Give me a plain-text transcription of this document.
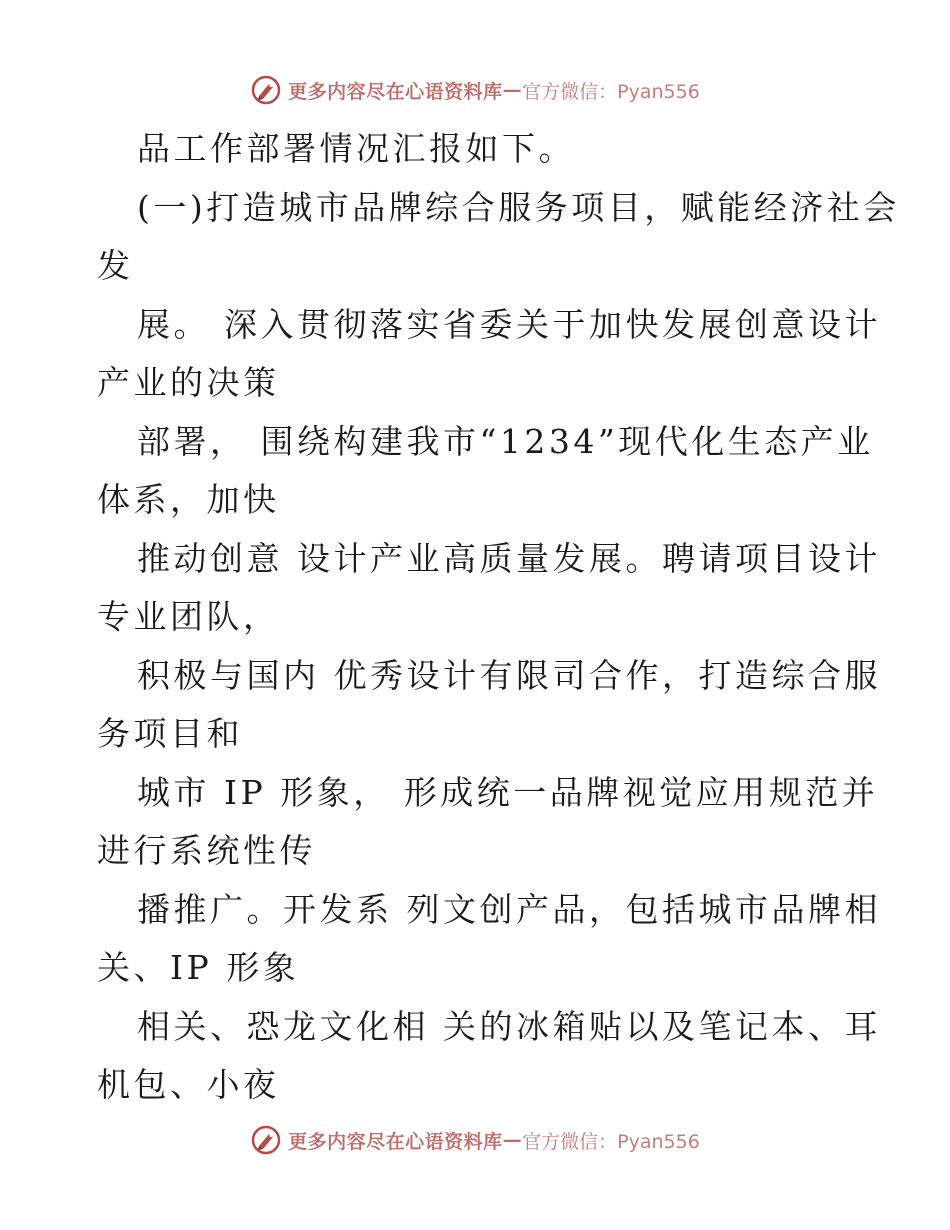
更多内容尽在心语资料库 — 官方微信：Pyan556
品工作部署情况汇报如下。
(一)打造城市品牌综合服务项目，赋能经济社会
发
展。 深入贯彻落实省委关于加快发展创意设计
产业的决策
部署， 围绕构建我市“1234”现代化生态产业
体系，加快
推动创意 设计产业高质量发展。聘请项目设计
专业团队，
积极与国内 优秀设计有限司合作，打造综合服
务项目和
城市 IP 形象， 形成统一品牌视觉应用规范并
进行系统性传
播推广。开发系 列文创产品，包括城市品牌相
关、IP 形象
相关、恐龙文化相 关的冰箱贴以及笔记本、耳
机包、小夜
更多内容尽在心语资料库 — 官方微信：Pyan556
